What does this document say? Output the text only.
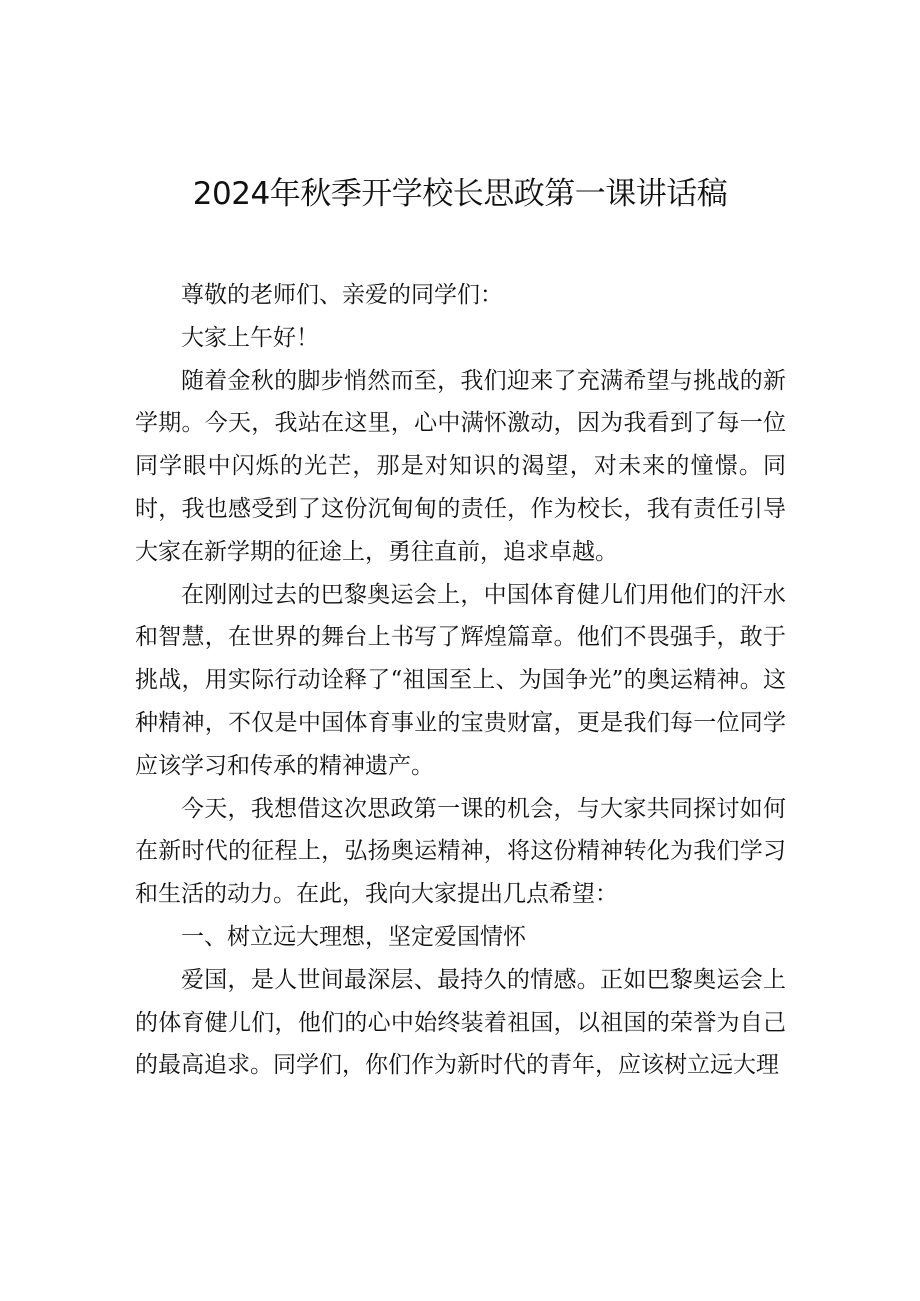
2024年秋季开学校长思政第一课讲话稿

尊敬的老师们、亲爱的同学们：

大家上午好！

随着金秋的脚步悄然而至，我们迎来了充满希望与挑战的新学期。今天，我站在这里，心中满怀激动，因为我看到了每一位同学眼中闪烁的光芒，那是对知识的渴望，对未来的憧憬。同时，我也感受到了这份沉甸甸的责任，作为校长，我有责任引导大家在新学期的征途上，勇往直前，追求卓越。

在刚刚过去的巴黎奥运会上，中国体育健儿们用他们的汗水和智慧，在世界的舞台上书写了辉煌篇章。他们不畏强手，敢于挑战，用实际行动诠释了“祖国至上、为国争光”的奥运精神。这种精神，不仅是中国体育事业的宝贵财富，更是我们每一位同学应该学习和传承的精神遗产。

今天，我想借这次思政第一课的机会，与大家共同探讨如何在新时代的征程上，弘扬奥运精神，将这份精神转化为我们学习和生活的动力。在此，我向大家提出几点希望：

一、树立远大理想，坚定爱国情怀

爱国，是人世间最深层、最持久的情感。正如巴黎奥运会上的体育健儿们，他们的心中始终装着祖国，以祖国的荣誉为自己的最高追求。同学们，你们作为新时代的青年，应该树立远大理
